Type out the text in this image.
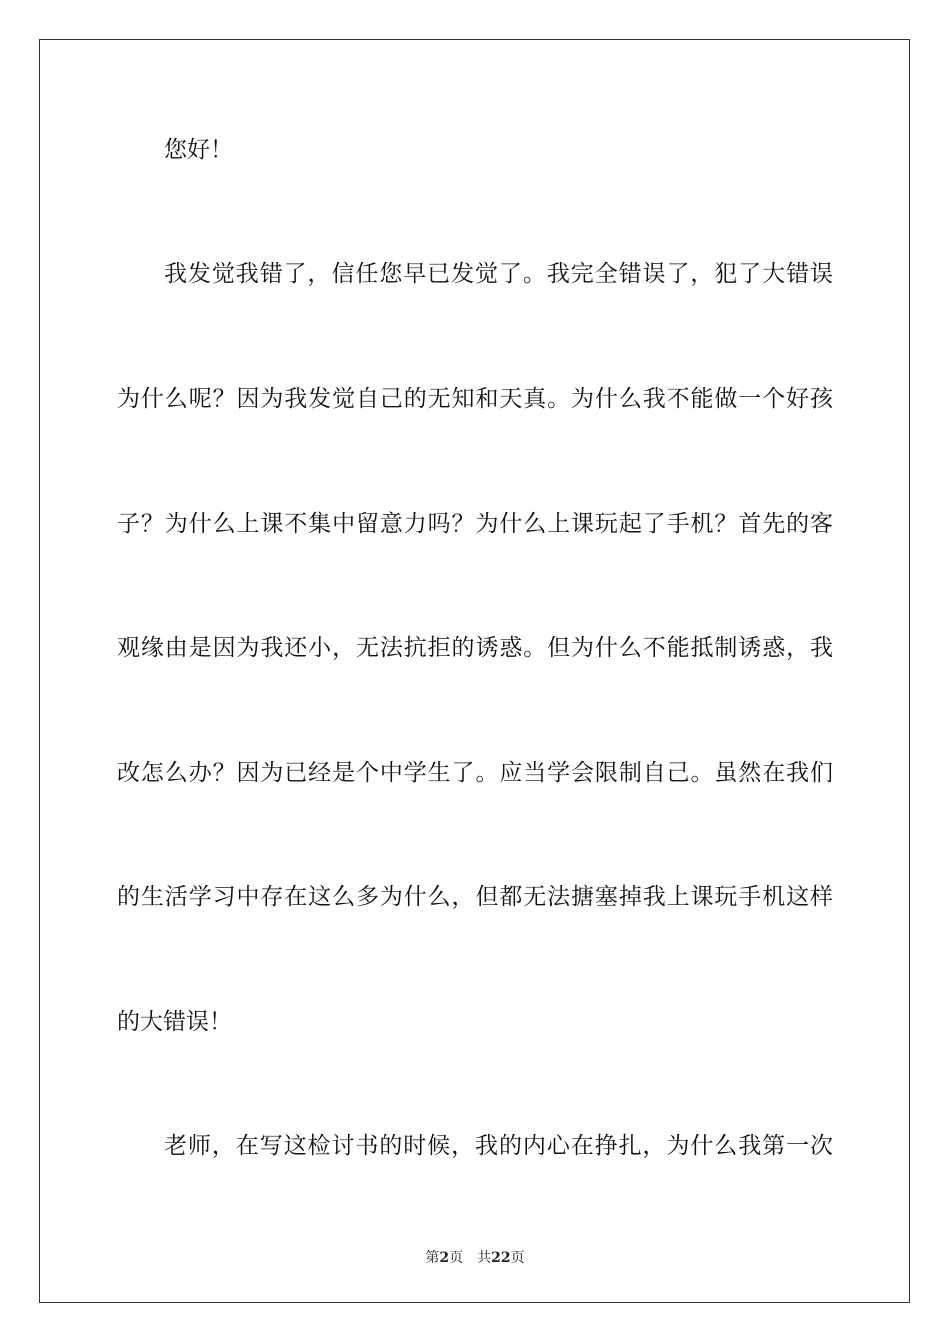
您好！
我发觉我错了，信任您早已发觉了。我完全错误了，犯了大错误
为什么呢？因为我发觉自己的无知和天真。为什么我不能做一个好孩
子？为什么上课不集中留意力吗？为什么上课玩起了手机？首先的客
观缘由是因为我还小，无法抗拒的诱惑。但为什么不能抵制诱惑，我
改怎么办？因为已经是个中学生了。应当学会限制自己。虽然在我们
的生活学习中存在这么多为什么，但都无法搪塞掉我上课玩手机这样
的大错误！
老师，在写这检讨书的时候，我的内心在挣扎，为什么我第一次
第2页 共22页
